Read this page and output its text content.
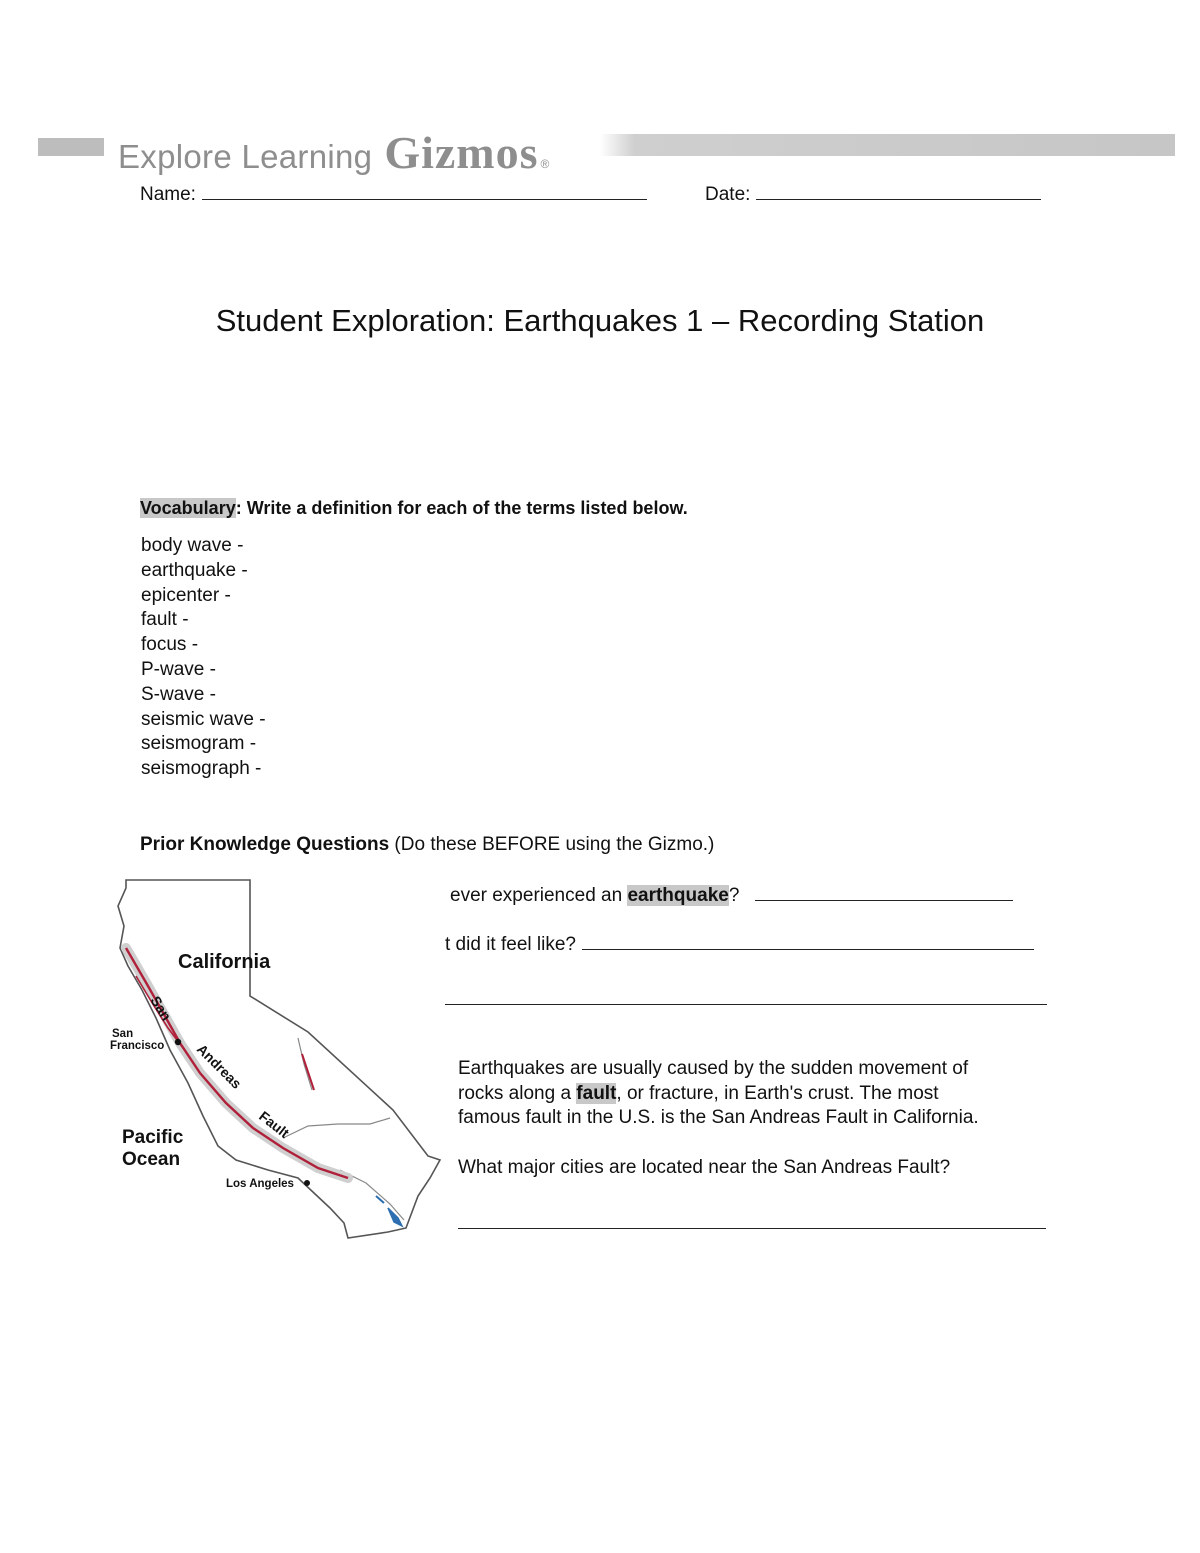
Explore Learning Gizmos ®
Name:	Date:
Student Exploration: Earthquakes 1 – Recording Station
Vocabulary: Write a definition for each of the terms listed below.
body wave -
earthquake -
epicenter -
fault -
focus -
P-wave -
S-wave -
seismic wave -
seismogram -
seismograph -
Prior Knowledge Questions (Do these BEFORE using the Gizmo.)
California
San
Andreas
Fault
San Francisco
Los Angeles
Pacific Ocean
ever experienced an earthquake?
t did it feel like?
Earthquakes are usually caused by the sudden movement of
rocks along a fault, or fracture, in Earth's crust. The most
famous fault in the U.S. is the San Andreas Fault in California.
What major cities are located near the San Andreas Fault?
